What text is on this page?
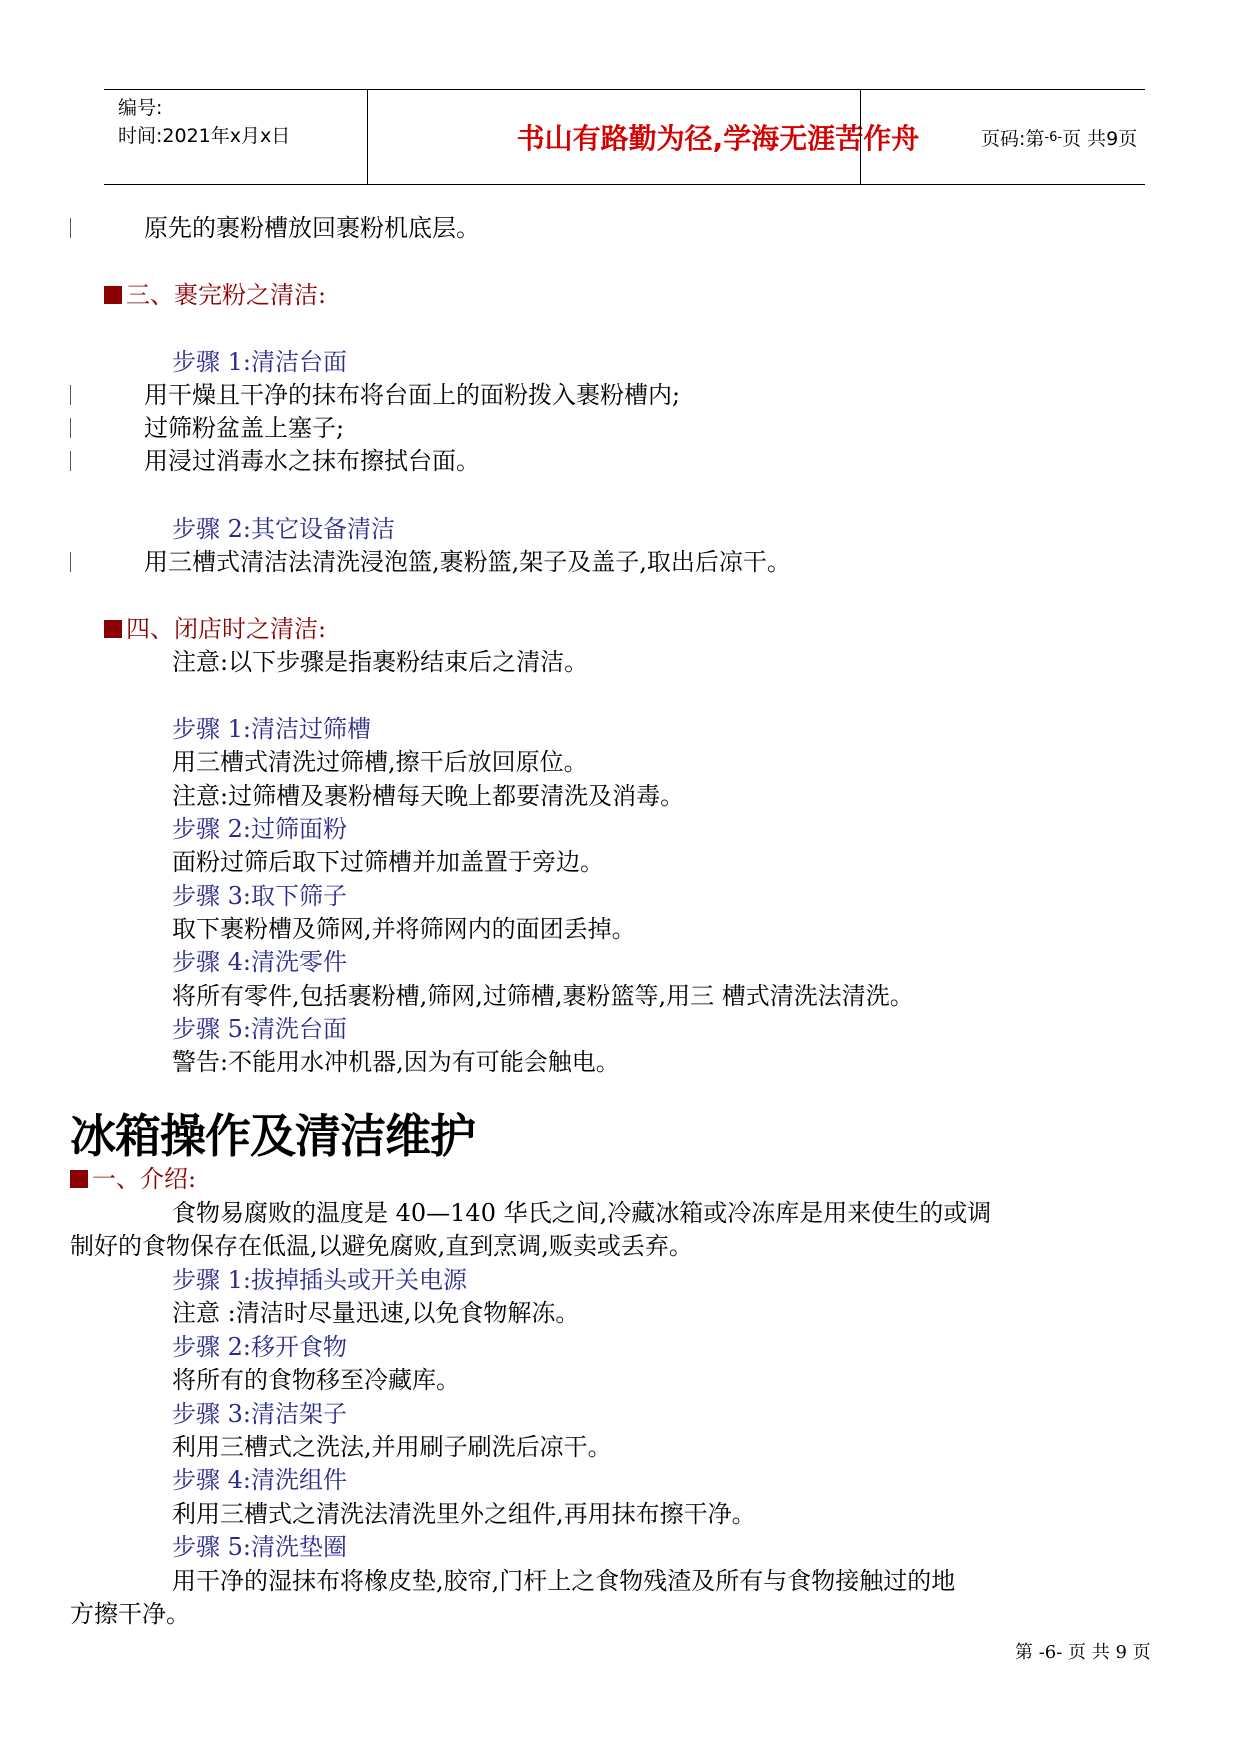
编号:
时间:2021年x月x日	书山有路勤为径,学海无涯苦作舟	页码:第 -6- 页 共9页
原先的裹粉槽放回裹粉机底层。
三、裹完粉之清洁:
步骤 1:清洁台面
用干燥且干净的抹布将台面上的面粉拨入裹粉槽内;
过筛粉盆盖上塞子;
用浸过消毒水之抹布擦拭台面。
步骤 2:其它设备清洁
用三槽式清洁法清洗浸泡篮,裹粉篮,架子及盖子,取出后凉干。
四、闭店时之清洁:
注意:以下步骤是指裹粉结束后之清洁。
步骤 1:清洁过筛槽
用三槽式清洗过筛槽,擦干后放回原位。
注意:过筛槽及裹粉槽每天晚上都要清洗及消毒。
步骤 2:过筛面粉
面粉过筛后取下过筛槽并加盖置于旁边。
步骤 3:取下筛子
取下裹粉槽及筛网,并将筛网内的面团丢掉。
步骤 4:清洗零件
将所有零件,包括裹粉槽,筛网,过筛槽,裹粉篮等,用三 槽式清洗法清洗。
步骤 5:清洗台面
警告:不能用水冲机器,因为有可能会触电。
冰箱操作及清洁维护
一、介绍:
食物易腐败的温度是 40—140 华氏之间,冷藏冰箱或冷冻库是用来使生的或调
制好的食物保存在低温,以避免腐败,直到烹调,贩卖或丢弃。
步骤 1:拔掉插头或开关电源
注意 :清洁时尽量迅速,以免食物解冻。
步骤 2:移开食物
将所有的食物移至冷藏库。
步骤 3:清洁架子
利用三槽式之洗法,并用刷子刷洗后凉干。
步骤 4:清洗组件
利用三槽式之清洗法清洗里外之组件,再用抹布擦干净。
步骤 5:清洗垫圈
用干净的湿抹布将橡皮垫,胶帘,门杆上之食物残渣及所有与食物接触过的地
方擦干净。
第 -6- 页 共 9 页
